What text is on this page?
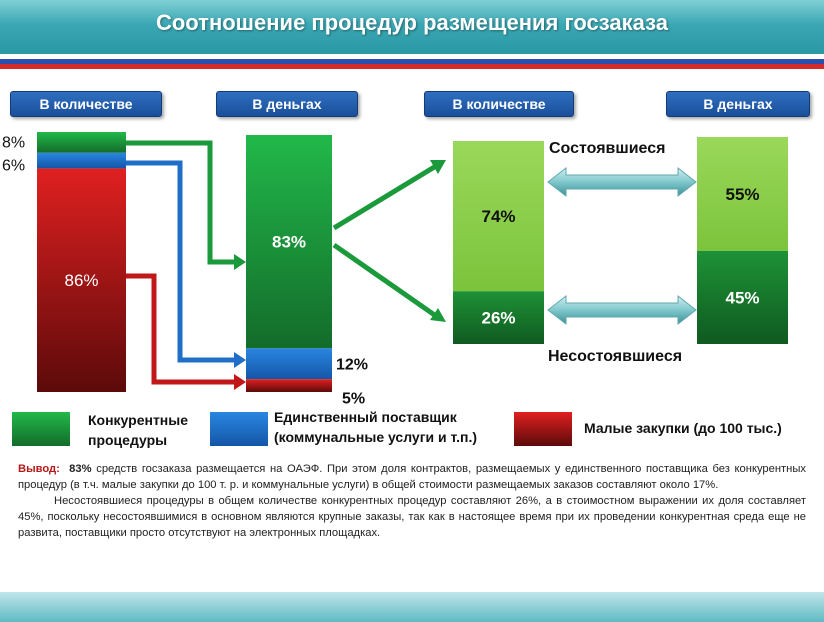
Соотношение процедур размещения госзаказа
В количестве	В деньгах	В количестве	В деньгах
8%
6%
86%
83%
12%
5%
74%
26%
55%
45%
Состоявшиеся
Несостоявшиеся
Конкурентные
процедуры
Единственный поставщик
(коммунальные услуги и т.п.)
Малые закупки (до 100 тыс.)

Вывод: 83% средств госзаказа размещается на ОАЭФ. При этом доля контрактов, размещаемых у единственного поставщика без конкурентных процедур (в т.ч. малые закупки до 100 т. р. и коммунальные услуги) в общей стоимости размещаемых заказов составляют около 17%.

Несостоявшиеся процедуры в общем количестве конкурентных процедур составляют 26%, а в стоимостном выражении их доля составляет 45%, поскольку несостоявшимися в основном являются крупные заказы, так как в настоящее время при их проведении конкурентная среда еще не развита, поставщики просто отсутствуют на электронных площадках.
